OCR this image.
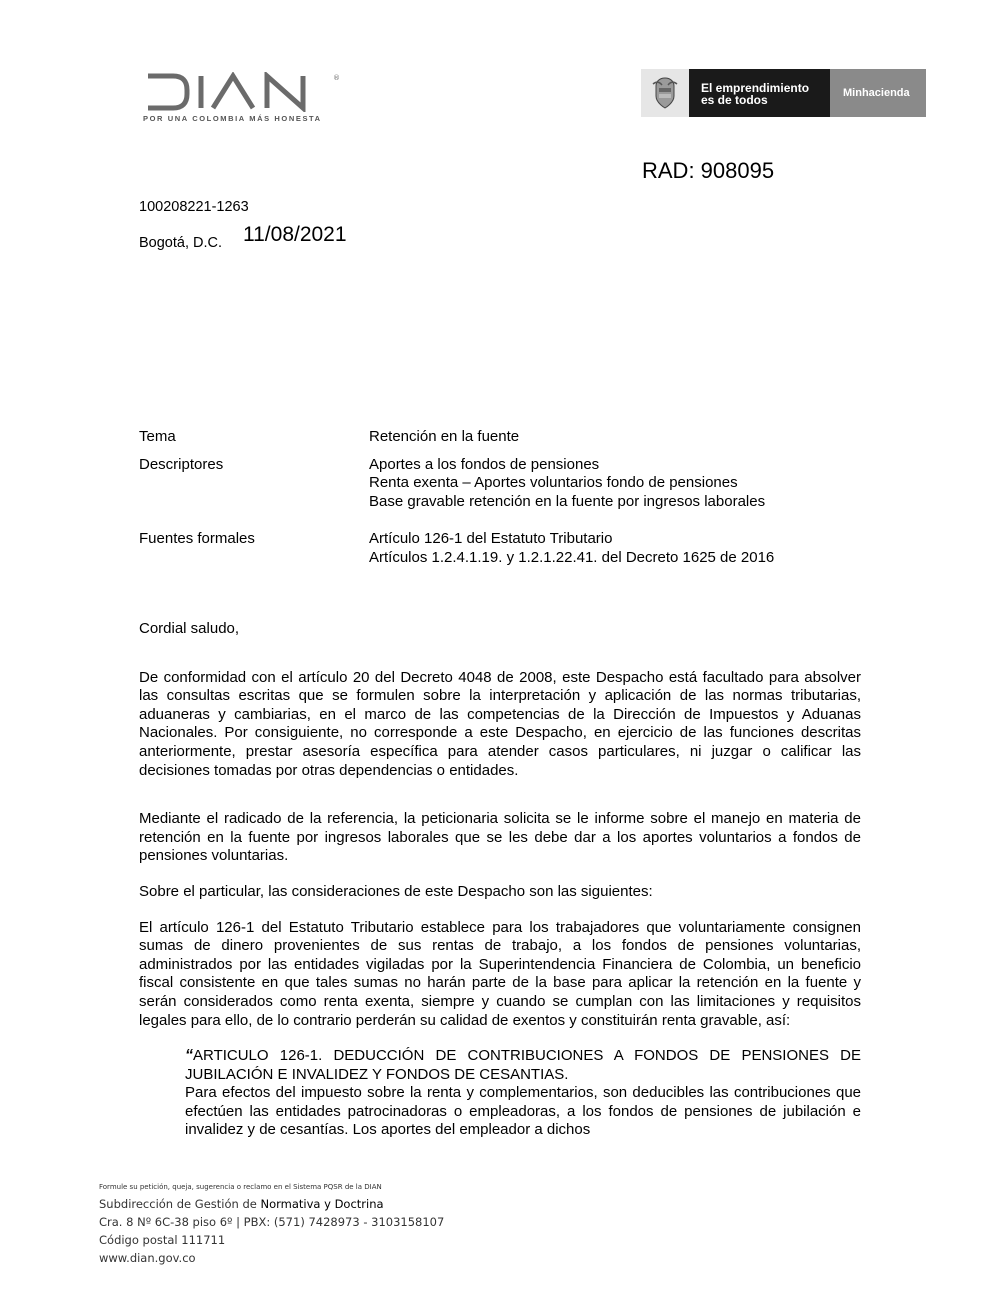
®
POR UNA COLOMBIA MÁS HONESTA
El emprendimiento
es de todos	Minhacienda
RAD: 908095
100208221-1263
Bogotá, D.C. 11/08/2021
Tema	Retención en la fuente
Descriptores	Aportes a los fondos de pensiones
Renta exenta – Aportes voluntarios fondo de pensiones
Base gravable retención en la fuente por ingresos laborales
Fuentes formales	Artículo 126-1 del Estatuto Tributario
Artículos 1.2.4.1.19. y 1.2.1.22.41. del Decreto 1625 de 2016

Cordial saludo,

De conformidad con el artículo 20 del Decreto 4048 de 2008, este Despacho está facultado para absolver las consultas escritas que se formulen sobre la interpretación y aplicación de las normas tributarias, aduaneras y cambiarias, en el marco de las competencias de la Dirección de Impuestos y Aduanas Nacionales. Por consiguiente, no corresponde a este Despacho, en ejercicio de las funciones descritas anteriormente, prestar asesoría específica para atender casos particulares, ni juzgar o calificar las decisiones tomadas por otras dependencias o entidades.

Mediante el radicado de la referencia, la peticionaria solicita se le informe sobre el manejo en materia de retención en la fuente por ingresos laborales que se les debe dar a los aportes voluntarios a fondos de pensiones voluntarias.

Sobre el particular, las consideraciones de este Despacho son las siguientes:

El artículo 126-1 del Estatuto Tributario establece para los trabajadores que voluntariamente consignen sumas de dinero provenientes de sus rentas de trabajo, a los fondos de pensiones voluntarias, administrados por las entidades vigiladas por la Superintendencia Financiera de Colombia, un beneficio fiscal consistente en que tales sumas no harán parte de la base para aplicar la retención en la fuente y serán considerados como renta exenta, siempre y cuando se cumplan con las limitaciones y requisitos legales para ello, de lo contrario perderán su calidad de exentos y constituirán renta gravable, así:

“ARTICULO 126-1. DEDUCCIÓN DE CONTRIBUCIONES A FONDOS DE PENSIONES DE JUBILACIÓN E INVALIDEZ Y FONDOS DE CESANTIAS.

Para efectos del impuesto sobre la renta y complementarios, son deducibles las contribuciones que efectúen las entidades patrocinadoras o empleadoras, a los fondos de pensiones de jubilación e invalidez y de cesantías. Los aportes del empleador a dichos

Formule su petición, queja, sugerencia o reclamo en el Sistema PQSR de la DIAN
Subdirección de Gestión de Normativa y Doctrina
Cra. 8 Nº 6C-38 piso 6º | PBX: (571) 7428973 - 3103158107
Código postal 111711
www.dian.gov.co
